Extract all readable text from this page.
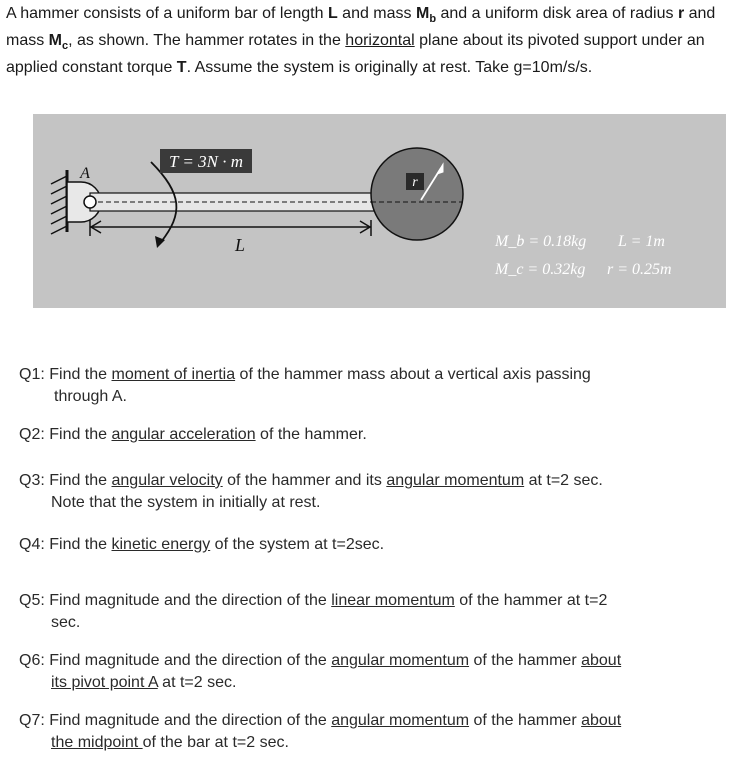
A hammer consists of a uniform bar of length L and mass $M_b$ and a uniform disk area of radius r and mass $M_c$, as shown. The hammer rotates in the horizontal plane about its pivoted support under an applied constant torque T. Assume the system is originally at rest. Take g=10m/s/s.
r
T = 3N · m
A
L	M_b = 0.18kg L = 1m
M_c = 0.32kg r = 0.25m
Q1: Find the moment of inertia of the hammer mass about a vertical axis passing
through A.
Q2: Find the angular acceleration of the hammer.
Q3: Find the angular velocity of the hammer and its angular momentum at t=2 sec.
Note that the system in initially at rest.
Q4: Find the kinetic energy of the system at t=2sec.
Q5: Find magnitude and the direction of the linear momentum of the hammer at t=2
sec.
Q6: Find magnitude and the direction of the angular momentum of the hammer about
its pivot point A at t=2 sec.
Q7: Find magnitude and the direction of the angular momentum of the hammer about
the midpoint of the bar at t=2 sec.
